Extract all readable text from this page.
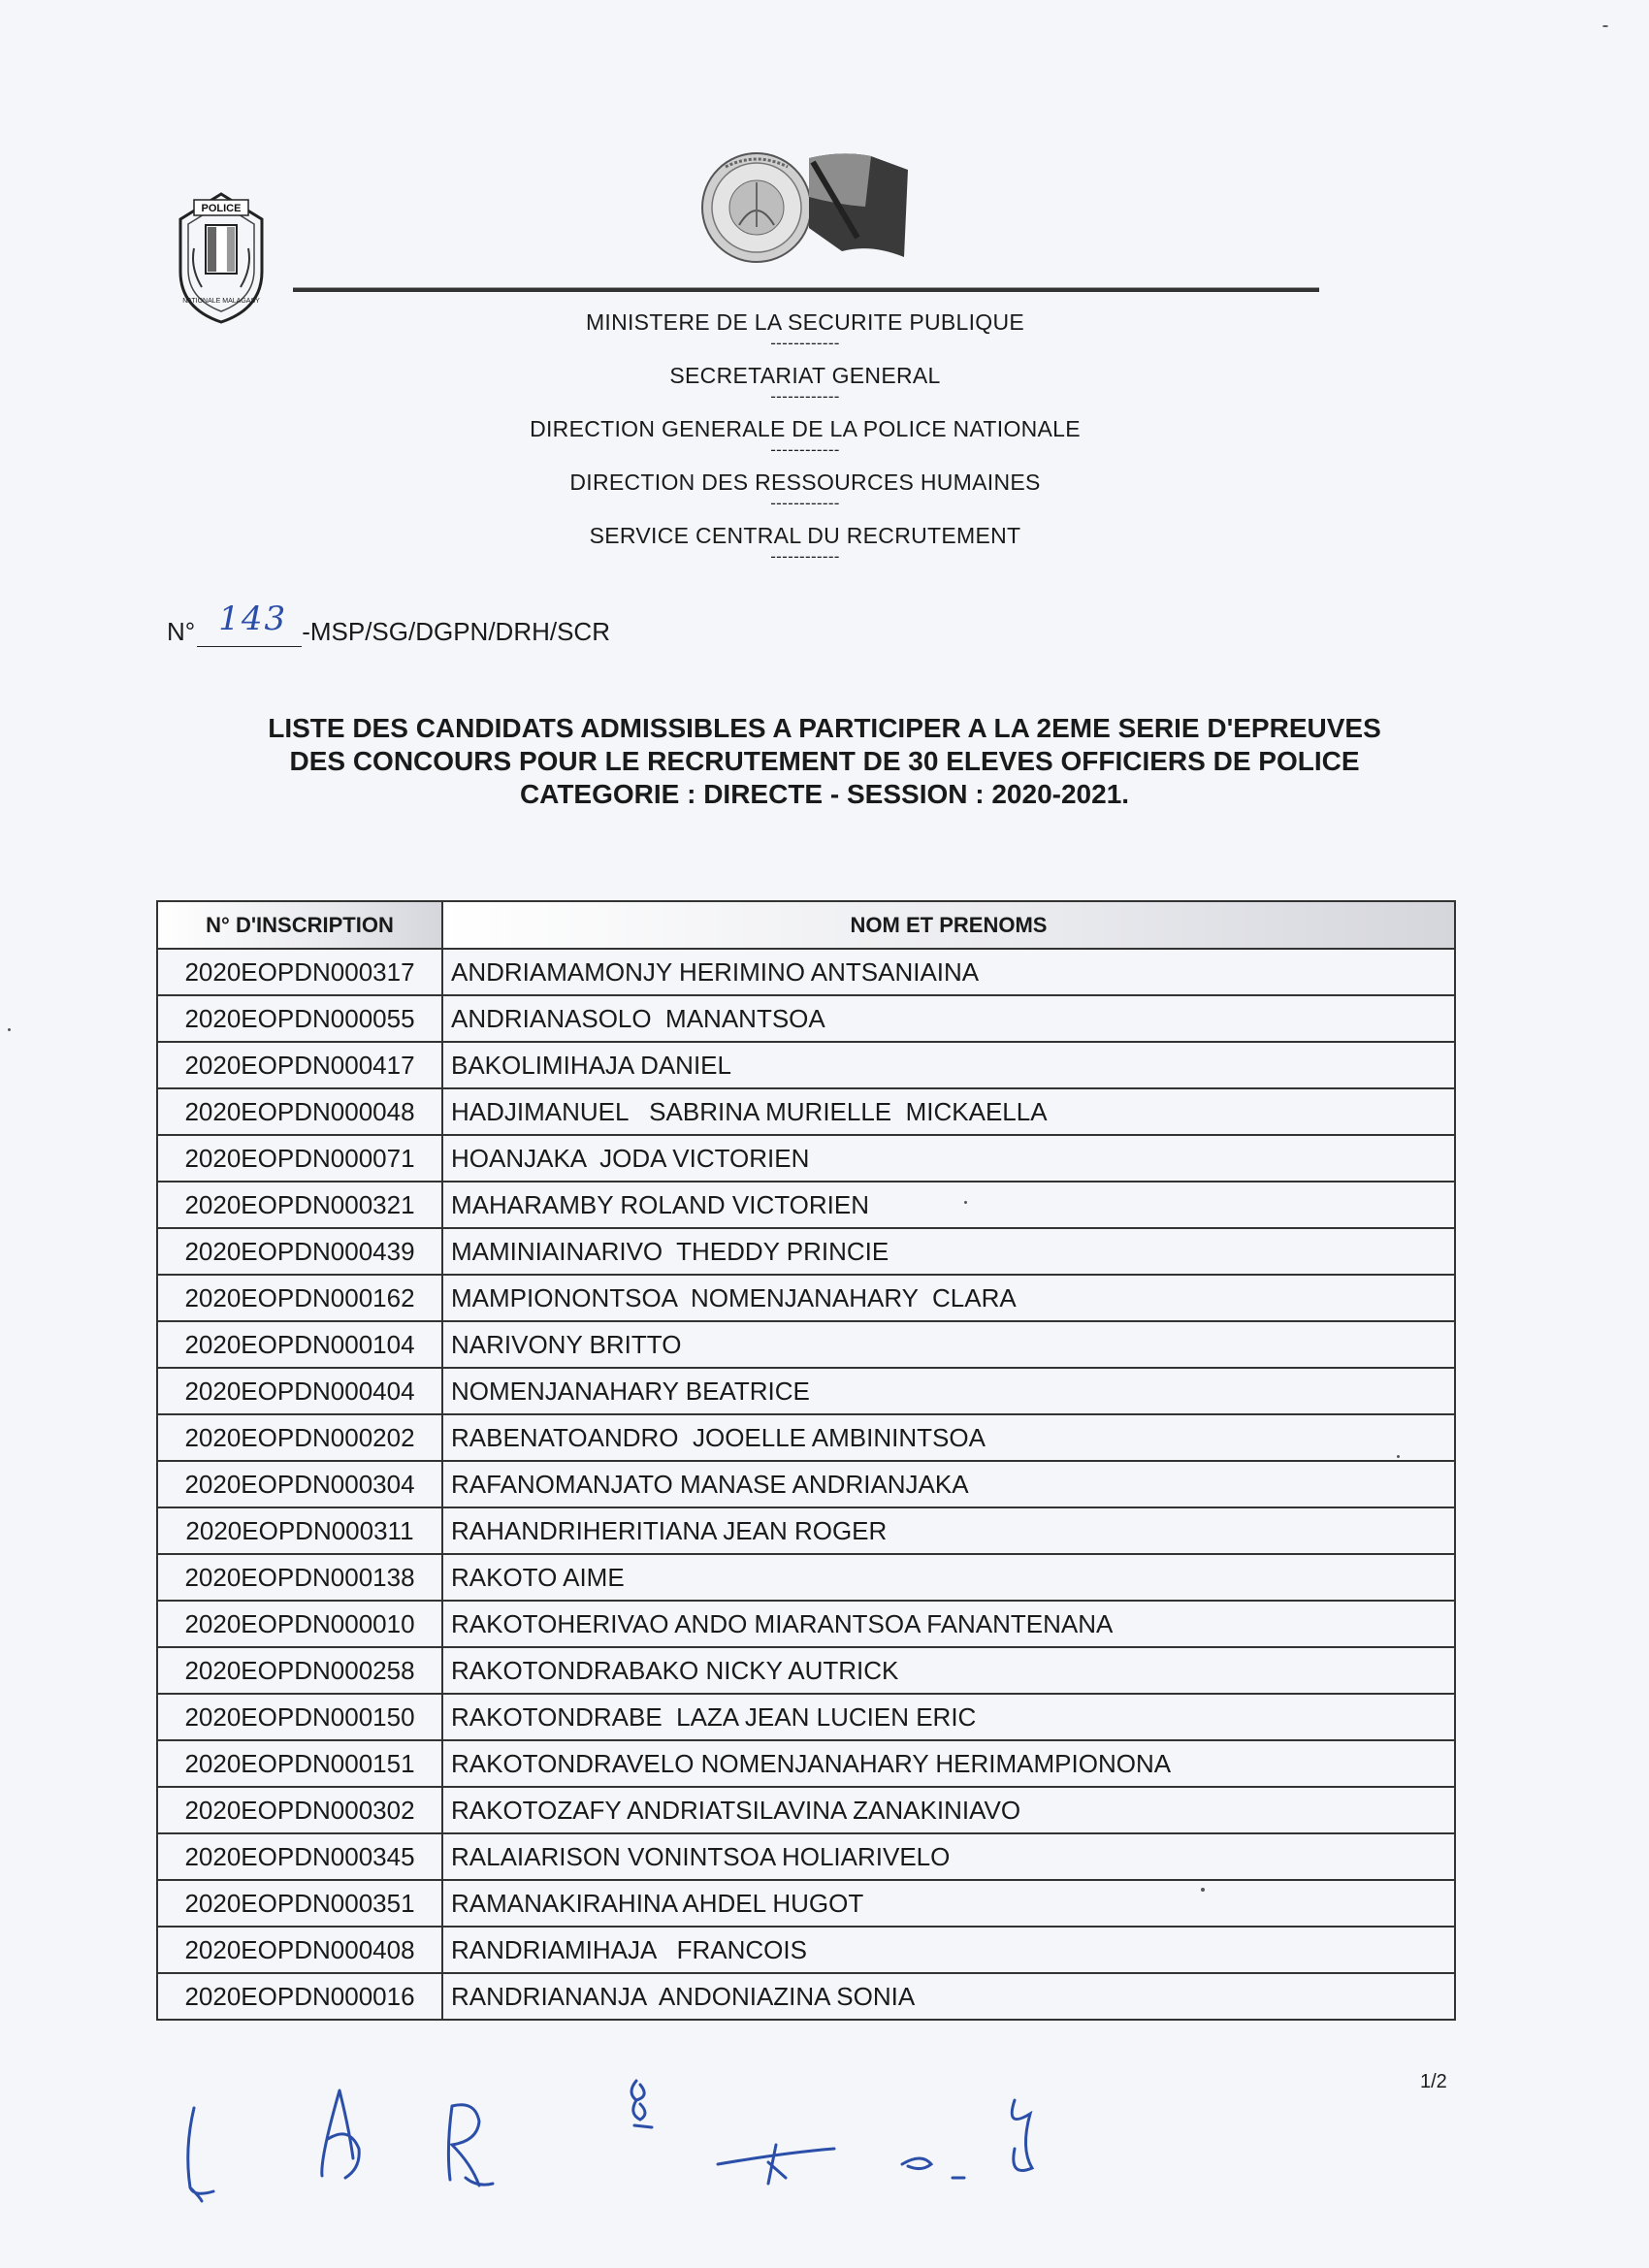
POLICE
NATIONALE MALAGASY
MINISTERE DE LA SECURITE PUBLIQUE
------------
SECRETARIAT GENERAL
------------
DIRECTION GENERALE DE LA POLICE NATIONALE
------------
DIRECTION DES RESSOURCES HUMAINES
------------
SERVICE CENTRAL DU RECRUTEMENT
------------
N° 143 -MSP/SG/DGPN/DRH/SCR
LISTE DES CANDIDATS ADMISSIBLES A PARTICIPER A LA 2EME SERIE D'EPREUVES
DES CONCOURS POUR LE RECRUTEMENT DE 30 ELEVES OFFICIERS DE POLICE
CATEGORIE : DIRECTE - SESSION : 2020-2021.
N° D'INSCRIPTION	NOM ET PRENOMS
2020EOPDN000317	ANDRIAMAMONJY HERIMINO ANTSANIAINA
2020EOPDN000055	ANDRIANASOLO  MANANTSOA
2020EOPDN000417	BAKOLIMIHAJA DANIEL
2020EOPDN000048	HADJIMANUEL   SABRINA MURIELLE  MICKAELLA
2020EOPDN000071	HOANJAKA  JODA VICTORIEN
2020EOPDN000321	MAHARAMBY ROLAND VICTORIEN
2020EOPDN000439	MAMINIAINARIVO  THEDDY PRINCIE
2020EOPDN000162	MAMPIONONTSOA  NOMENJANAHARY  CLARA
2020EOPDN000104	NARIVONY BRITTO
2020EOPDN000404	NOMENJANAHARY BEATRICE
2020EOPDN000202	RABENATOANDRO  JOOELLE AMBININTSOA
2020EOPDN000304	RAFANOMANJATO MANASE ANDRIANJAKA
2020EOPDN000311	RAHANDRIHERITIANA JEAN ROGER
2020EOPDN000138	RAKOTO AIME
2020EOPDN000010	RAKOTOHERIVAO ANDO MIARANTSOA FANANTENANA
2020EOPDN000258	RAKOTONDRABAKO NICKY AUTRICK
2020EOPDN000150	RAKOTONDRABE  LAZA JEAN LUCIEN ERIC
2020EOPDN000151	RAKOTONDRAVELO NOMENJANAHARY HERIMAMPIONONA
2020EOPDN000302	RAKOTOZAFY ANDRIATSILAVINA ZANAKINIAVO
2020EOPDN000345	RALAIARISON VONINTSOA HOLIARIVELO
2020EOPDN000351	RAMANAKIRAHINA AHDEL HUGOT
2020EOPDN000408	RANDRIAMIHAJA   FRANCOIS
2020EOPDN000016	RANDRIANANJA  ANDONIAZINA SONIA
1/2
